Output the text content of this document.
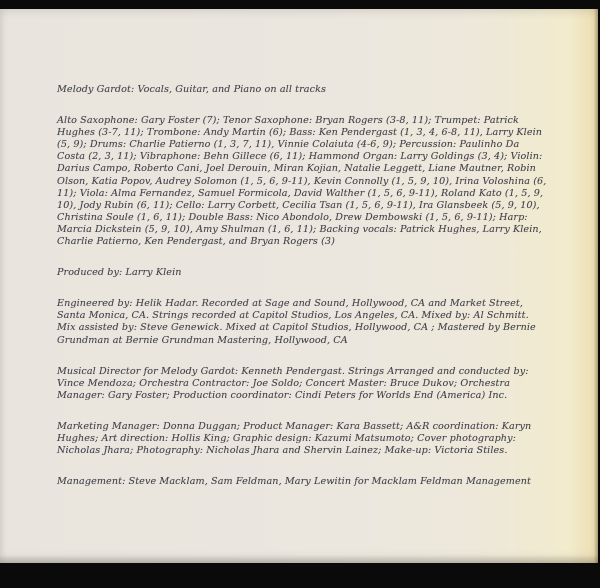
Melody Gardot: Vocals, Guitar, and Piano on all tracks

Alto Saxophone: Gary Foster (7); Tenor Saxophone: Bryan Rogers (3-8, 11); Trumpet: Patrick Hughes (3-7, 11); Trombone: Andy Martin (6); Bass: Ken Pendergast (1, 3, 4, 6-8, 11), Larry Klein (5, 9); Drums: Charlie Patierno (1, 3, 7, 11), Vinnie Colaiuta (4-6, 9); Percussion: Paulinho Da Costa (2, 3, 11); Vibraphone: Behn Gillece (6, 11); Hammond Organ: Larry Goldings (3, 4); Violin: Darius Campo, Roberto Cani, Joel Derouin, Miran Kojian, Natalie Leggett, Liane Mautner, Robin Olson, Katia Popov, Audrey Solomon (1, 5, 6, 9-11), Kevin Connolly (1, 5, 9, 10), Irina Voloshina (6, 11); Viola: Alma Fernandez, Samuel Formicola, David Walther (1, 5, 6, 9-11), Roland Kato (1, 5, 9, 10), Jody Rubin (6, 11); Cello: Larry Corbett, Cecilia Tsan (1, 5, 6, 9-11), Ira Glansbeek (5, 9, 10), Christina Soule (1, 6, 11); Double Bass: Nico Abondolo, Drew Dembowski (1, 5, 6, 9-11); Harp: Marcia Dickstein (5, 9, 10), Amy Shulman (1, 6, 11); Backing vocals: Patrick Hughes, Larry Klein, Charlie Patierno, Ken Pendergast, and Bryan Rogers (3)

Produced by: Larry Klein

Engineered by: Helik Hadar. Recorded at Sage and Sound, Hollywood, CA and Market Street, Santa Monica, CA. Strings recorded at Capitol Studios, Los Angeles, CA. Mixed by: Al Schmitt. Mix assisted by: Steve Genewick. Mixed at Capitol Studios, Hollywood, CA ; Mastered by Bernie Grundman at Bernie Grundman Mastering, Hollywood, CA

Musical Director for Melody Gardot: Kenneth Pendergast. Strings Arranged and conducted by: Vince Mendoza; Orchestra Contractor: Joe Soldo; Concert Master: Bruce Dukov; Orchestra Manager: Gary Foster; Production coordinator: Cindi Peters for Worlds End (America) Inc.

Marketing Manager: Donna Duggan; Product Manager: Kara Bassett; A&R coordination: Karyn Hughes; Art direction: Hollis King; Graphic design: Kazumi Matsumoto; Cover photography: Nicholas Jhara; Photography: Nicholas Jhara and Shervin Lainez; Make-up: Victoria Stiles.

Management: Steve Macklam, Sam Feldman, Mary Lewitin for Macklam Feldman Management
